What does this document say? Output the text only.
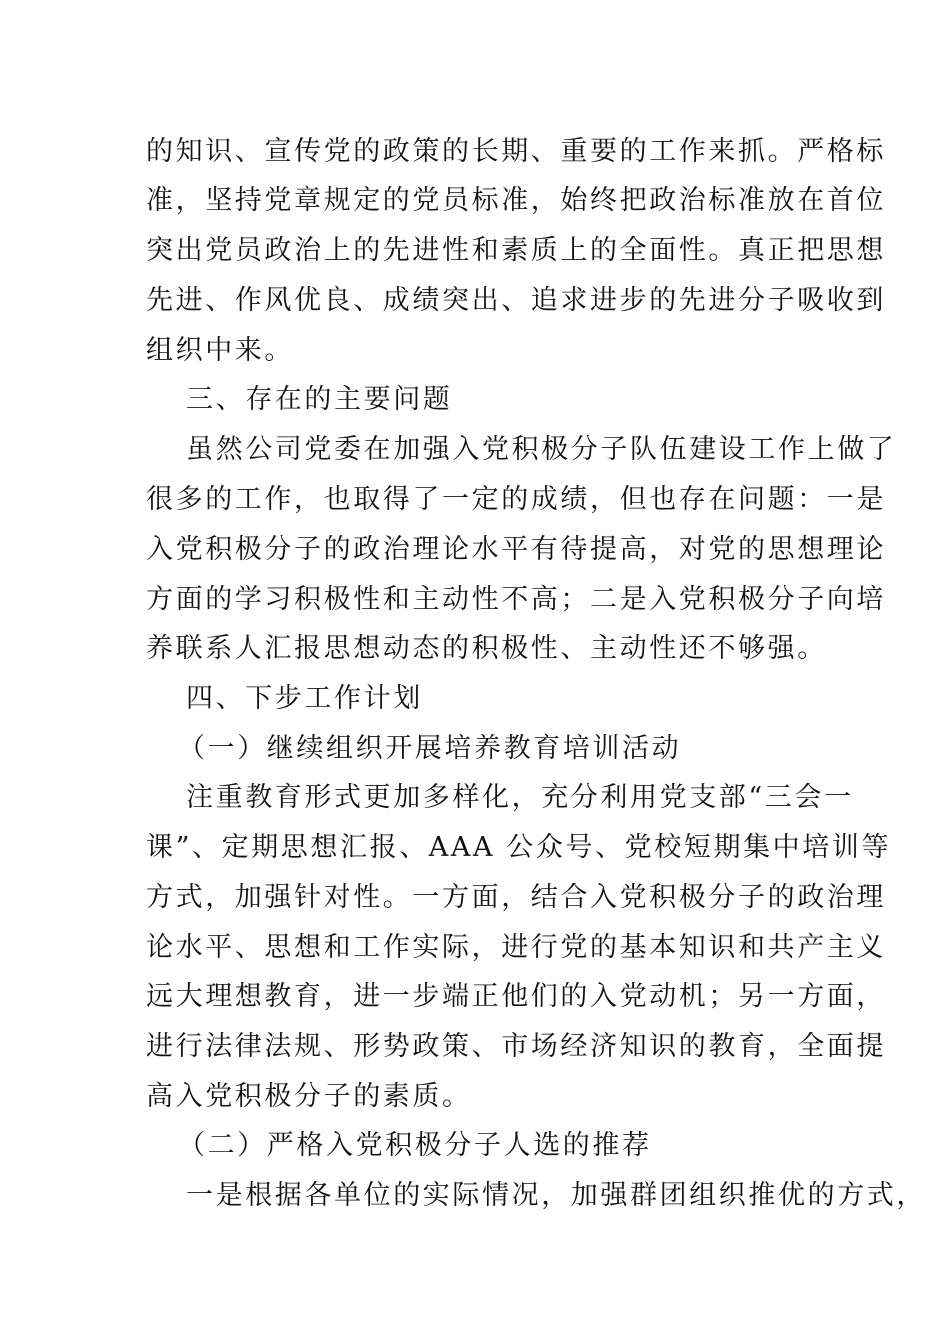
的知识、宣传党的政策的长期、重要的工作来抓。严格标
准，坚持党章规定的党员标准，始终把政治标准放在首位
突出党员政治上的先进性和素质上的全面性。真正把思想
先进、作风优良、成绩突出、追求进步的先进分子吸收到
组织中来。
三、存在的主要问题
虽然公司党委在加强入党积极分子队伍建设工作上做了
很多的工作，也取得了一定的成绩，但也存在问题：一是
入党积极分子的政治理论水平有待提高，对党的思想理论
方面的学习积极性和主动性不高；二是入党积极分子向培
养联系人汇报思想动态的积极性、主动性还不够强。
四、下步工作计划
（一）继续组织开展培养教育培训活动
注重教育形式更加多样化，充分利用党支部“三会一
课”、定期思想汇报、AAA 公众号、党校短期集中培训等
方式，加强针对性。一方面，结合入党积极分子的政治理
论水平、思想和工作实际，进行党的基本知识和共产主义
远大理想教育，进一步端正他们的入党动机；另一方面，
进行法律法规、形势政策、市场经济知识的教育，全面提
高入党积极分子的素质。
（二）严格入党积极分子人选的推荐
一是根据各单位的实际情况，加强群团组织推优的方式，
